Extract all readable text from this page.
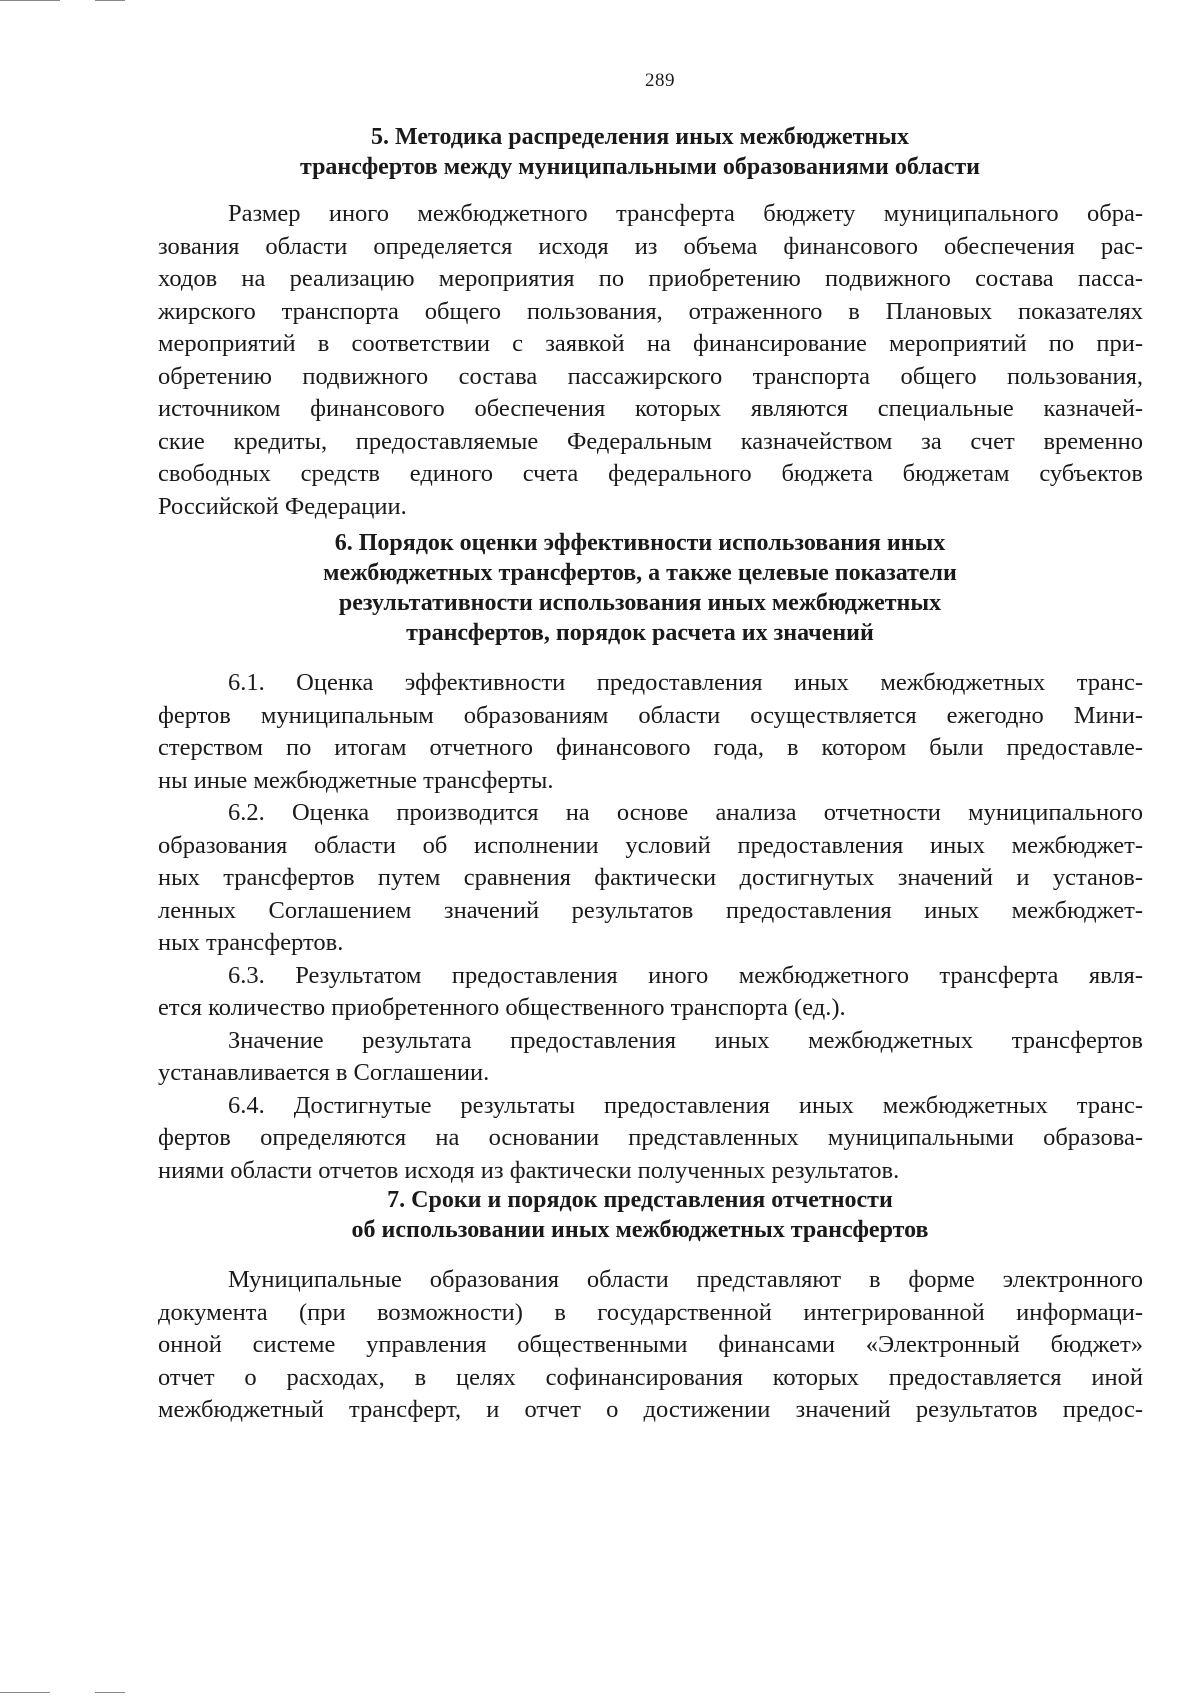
289
5. Методика распределения иных межбюджетных
трансфертов между муниципальными образованиями области
Размер иного межбюджетного трансферта бюджету муниципального обра-
зования области определяется исходя из объема финансового обеспечения рас-
ходов на реализацию мероприятия по приобретению подвижного состава пасса-
жирского транспорта общего пользования, отраженного в Плановых показателях
мероприятий в соответствии с заявкой на финансирование мероприятий по при-
обретению подвижного состава пассажирского транспорта общего пользования,
источником финансового обеспечения которых являются специальные казначей-
ские кредиты, предоставляемые Федеральным казначейством за счет временно
свободных средств единого счета федерального бюджета бюджетам субъектов
Российской Федерации.
6. Порядок оценки эффективности использования иных
межбюджетных трансфертов, а также целевые показатели
результативности использования иных межбюджетных
трансфертов, порядок расчета их значений
6.1. Оценка эффективности предоставления иных межбюджетных транс-
фертов муниципальным образованиям области осуществляется ежегодно Мини-
стерством по итогам отчетного финансового года, в котором были предоставле-
ны иные межбюджетные трансферты.
6.2. Оценка производится на основе анализа отчетности муниципального
образования области об исполнении условий предоставления иных межбюджет-
ных трансфертов путем сравнения фактически достигнутых значений и установ-
ленных Соглашением значений результатов предоставления иных межбюджет-
ных трансфертов.
6.3. Результатом предоставления иного межбюджетного трансферта явля-
ется количество приобретенного общественного транспорта (ед.).
Значение результата предоставления иных межбюджетных трансфертов
устанавливается в Соглашении.
6.4. Достигнутые результаты предоставления иных межбюджетных транс-
фертов определяются на основании представленных муниципальными образова-
ниями области отчетов исходя из фактически полученных результатов.
7. Сроки и порядок представления отчетности
об использовании иных межбюджетных трансфертов
Муниципальные образования области представляют в форме электронного
документа (при возможности) в государственной интегрированной информаци-
онной системе управления общественными финансами «Электронный бюджет»
отчет о расходах, в целях софинансирования которых предоставляется иной
межбюджетный трансферт, и отчет о достижении значений результатов предос-
